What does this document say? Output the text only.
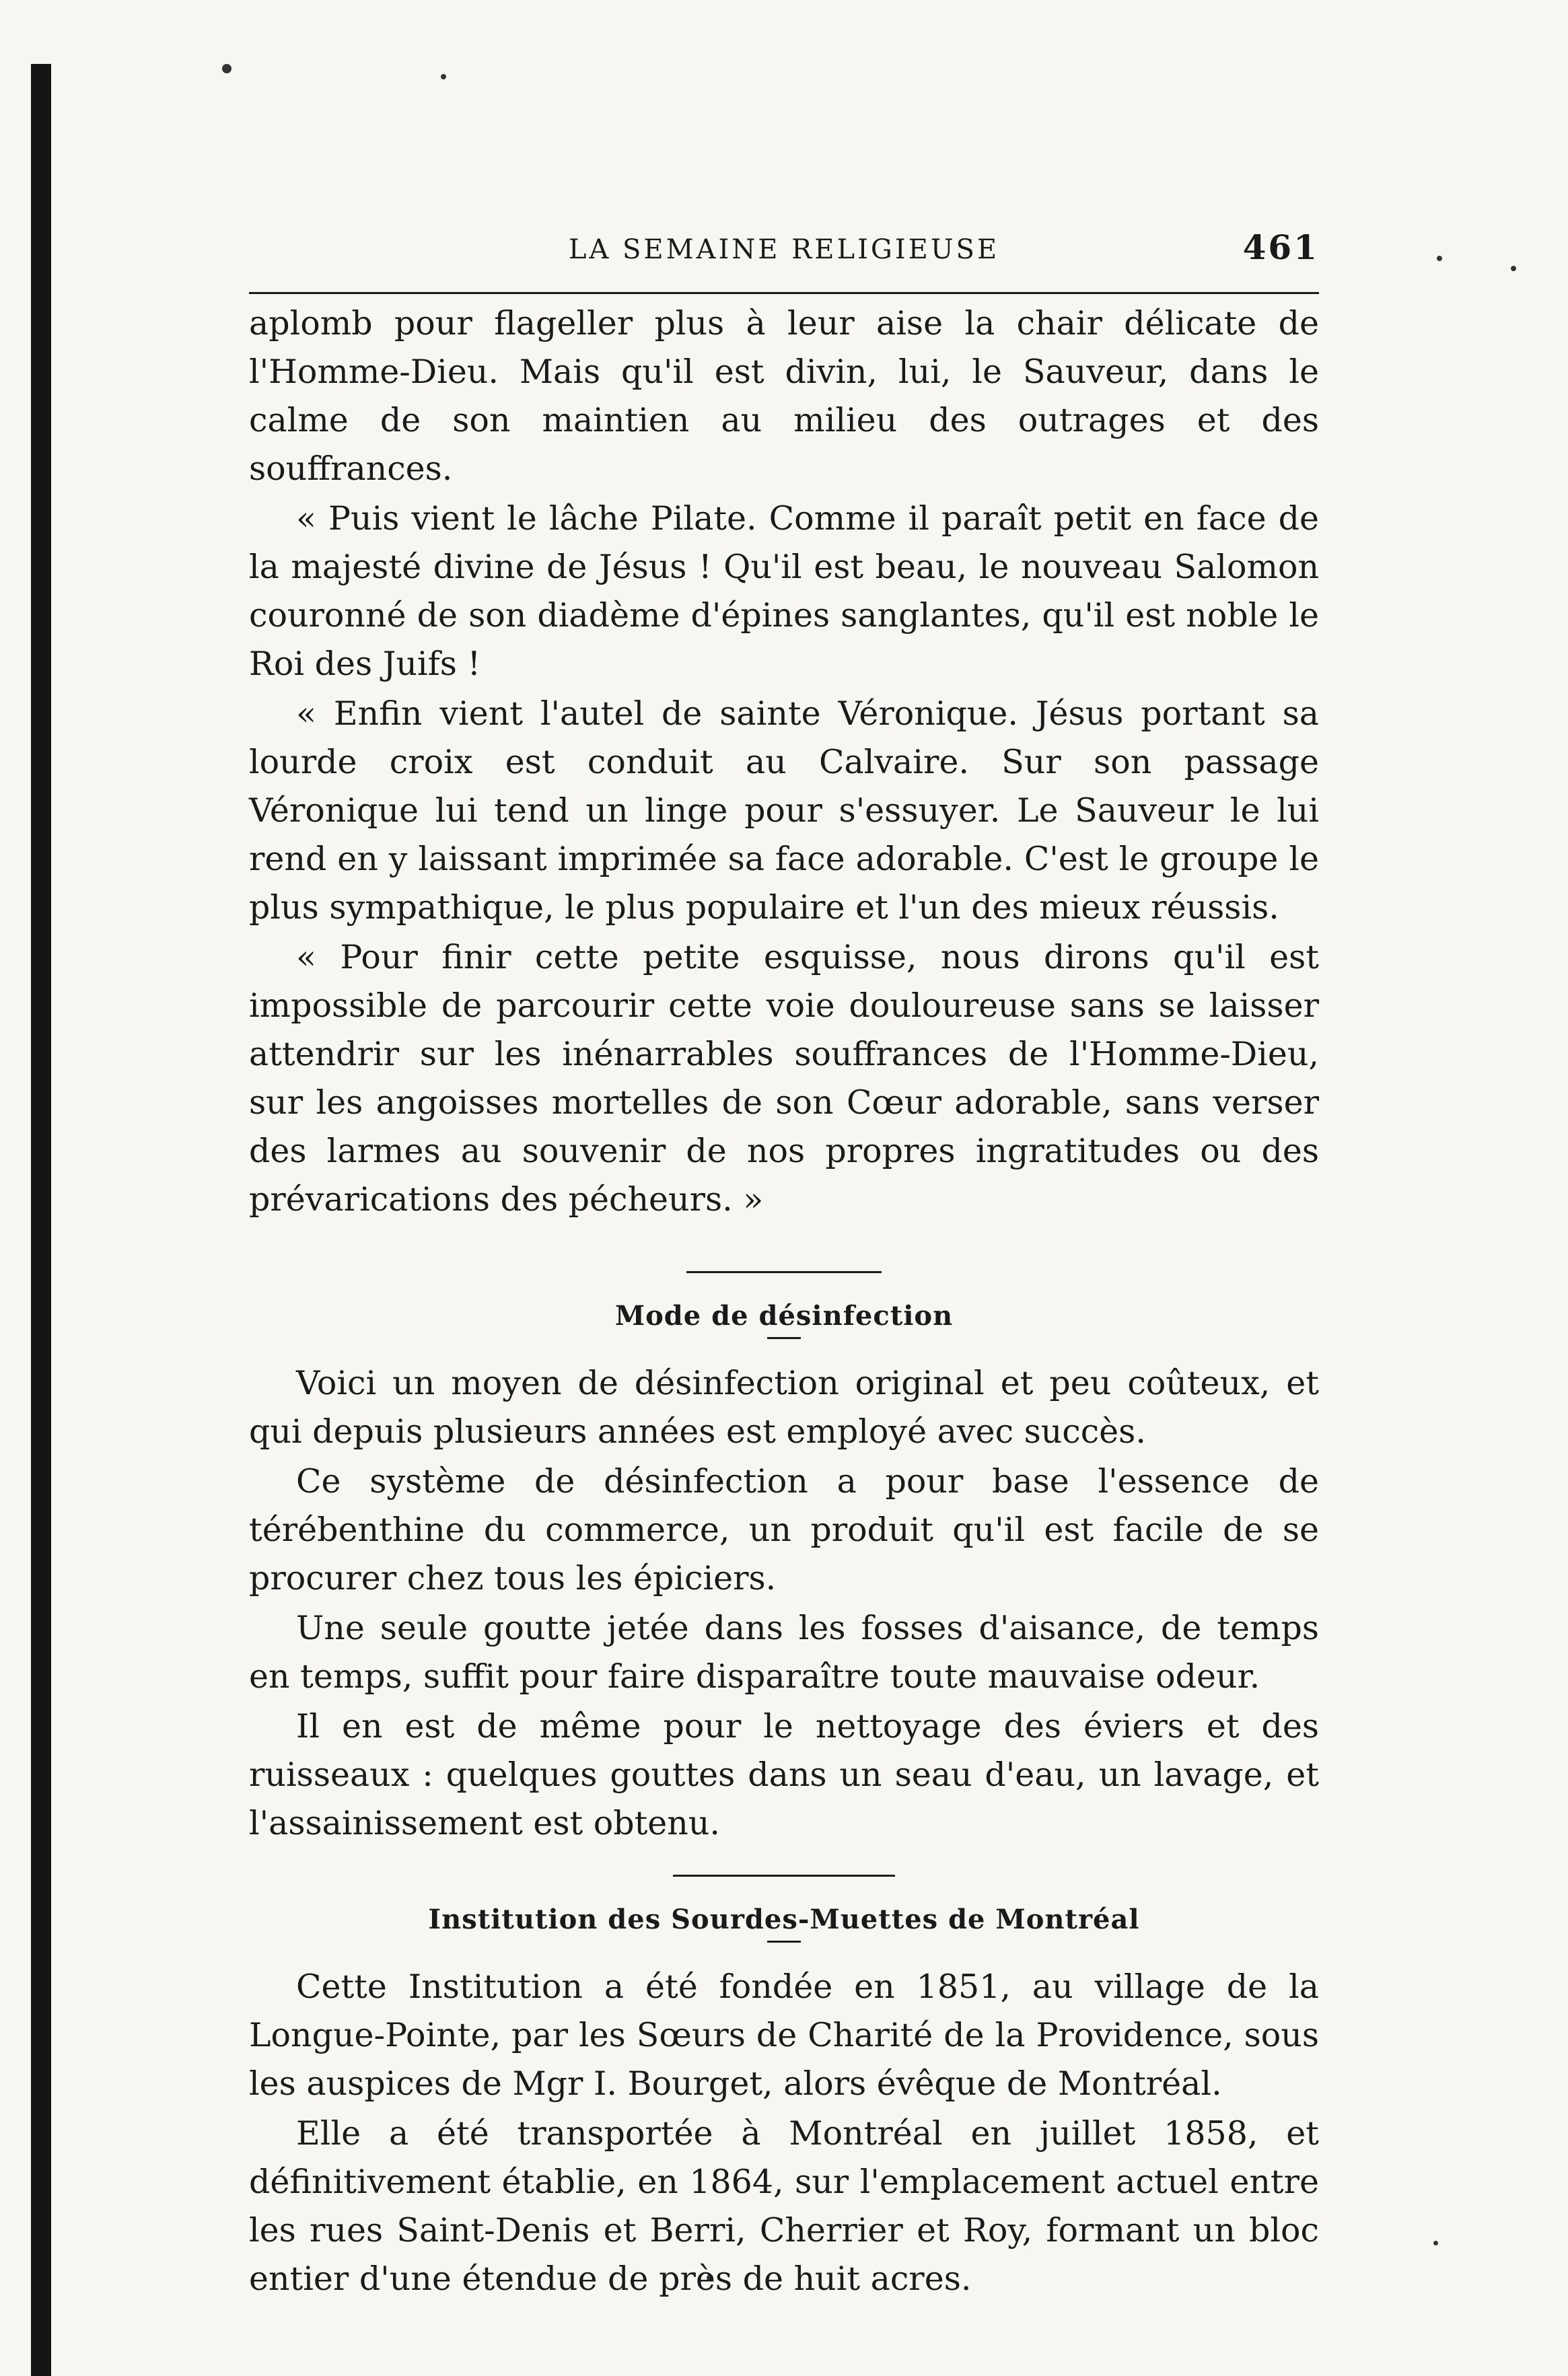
LA SEMAINE RELIGIEUSE	461

aplomb pour flageller plus à leur aise la chair délicate de l'Homme-Dieu. Mais qu'il est divin, lui, le Sauveur, dans le calme de son maintien au milieu des outrages et des souffrances.

« Puis vient le lâche Pilate. Comme il paraît petit en face de la majesté divine de Jésus ! Qu'il est beau, le nouveau Salomon couronné de son diadème d'épines sanglantes, qu'il est noble le Roi des Juifs !

« Enfin vient l'autel de sainte Véronique. Jésus portant sa lourde croix est conduit au Calvaire. Sur son passage Véronique lui tend un linge pour s'essuyer. Le Sauveur le lui rend en y laissant imprimée sa face adorable. C'est le groupe le plus sympathique, le plus populaire et l'un des mieux réussis.

« Pour finir cette petite esquisse, nous dirons qu'il est impossible de parcourir cette voie douloureuse sans se laisser attendrir sur les inénarrables souffrances de l'Homme-Dieu, sur les angoisses mortelles de son Cœur adorable, sans verser des larmes au souvenir de nos propres ingratitudes ou des prévarications des pécheurs. »

Mode de désinfection

Voici un moyen de désinfection original et peu coûteux, et qui depuis plusieurs années est employé avec succès.

Ce système de désinfection a pour base l'essence de térébenthine du commerce, un produit qu'il est facile de se procurer chez tous les épiciers.

Une seule goutte jetée dans les fosses d'aisance, de temps en temps, suffit pour faire disparaître toute mauvaise odeur.

Il en est de même pour le nettoyage des éviers et des ruisseaux : quelques gouttes dans un seau d'eau, un lavage, et l'assainissement est obtenu.

Institution des Sourdes-Muettes de Montréal

Cette Institution a été fondée en 1851, au village de la Longue-Pointe, par les Sœurs de Charité de la Providence, sous les auspices de Mgr I. Bourget, alors évêque de Montréal.

Elle a été transportée à Montréal en juillet 1858, et définitivement établie, en 1864, sur l'emplacement actuel entre les rues Saint-Denis et Berri, Cherrier et Roy, formant un bloc entier d'une étendue de près de huit acres.
